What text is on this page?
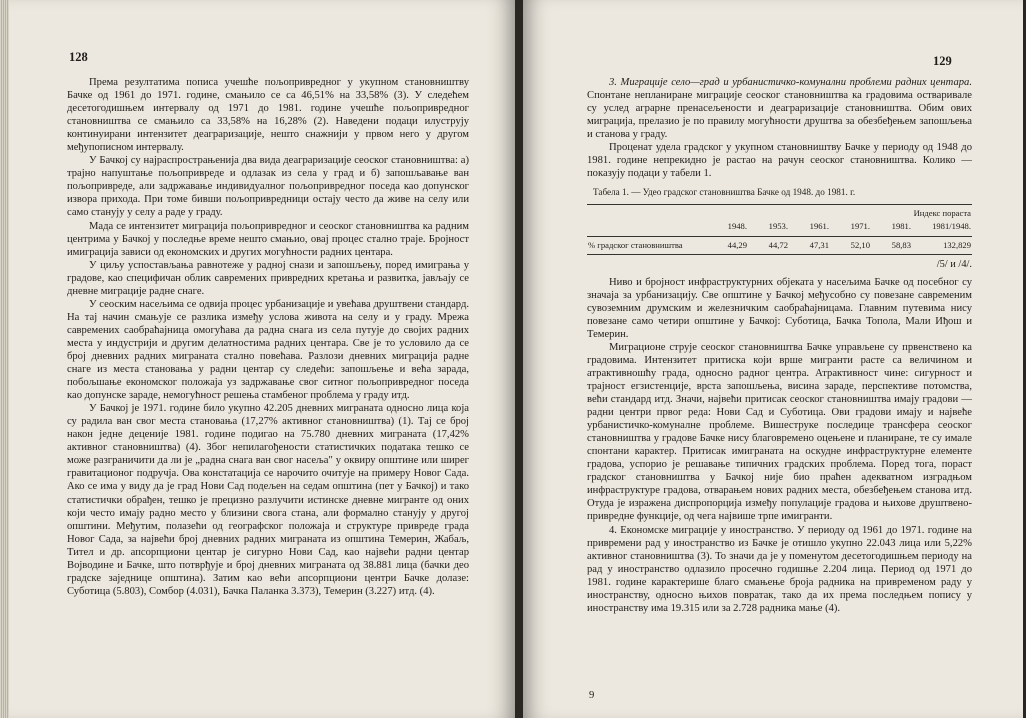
128

Према резултатима пописа учешће пољопривредног у укупном становништву Бачке од 1961 до 1971. године, смањило се са 46,51% на 33,58% (3). У следећем десетогодишњем интервалу од 1971 до 1981. године учешће пољопривредног становништва се смањило са 33,58% на 16,28% (2). Наведени подаци илуструју континуирани интензитет деаграризације, нешто снажнији у првом него у другом међупописном интервалу.

У Бачкој су најраспрострањенија два вида деаграризације сеоског становништва: а) трајно напуштање пољопривреде и одлазак из села у град и б) запошљавање ван пољопривреде, али задржавање индивидуалног пољопривредног поседа као допунског извора прихода. При томе бивши пољопривредници остају често да живе на селу или само станују у селу а раде у граду.

Мада се интензитет миграција пољопривредног и сеоског становништва ка радним центрима у Бачкој у последње време нешто смањио, овај процес стално траје. Бројност имиграција зависи од економских и других могућности радних центара.

У циљу успостављања равнотеже у радној снази и запошљењу, поред имиграња у градове, као специфичан облик савремених привредних кретања и развитка, јављају се дневне миграције радне снаге.

У сеоским насељима се одвија процес урбанизације и увећава друштвени стандард. На тај начин смањује се разлика између услова живота на селу и у граду. Мрежа савремених саобраћајница омогућава да радна снага из села путује до својих радних места у индустрији и другим делатностима радних центара. Све је то условило да се број дневних радних миграната стално повећава. Разлози дневних миграција радне снаге из места становања у радни центар су следећи: запошљење и већа зарада, побољшање економског положаја уз задржавање свог ситног пољопривредног поседа као допунске зараде, немогућност решења стамбеног проблема у граду итд.

У Бачкој је 1971. године било укупно 42.205 дневних миграната односно лица која су радила ван свог места становања (17,27% активног становништва) (1). Тај се број након једне деценије 1981. године подигао на 75.780 дневних миграната (17,42% активног становништва) (4). Због непилагођености статистичких података тешко се може разграничити да ли је „радна снага ван свог насеља" у оквиру општине или ширег гравитационог подручја. Ова констатација се нарочито очитује на примеру Новог Сада. Ако се има у виду да је град Нови Сад подељен на седам општина (пет у Бачкој) и тако статистички обрађен, тешко је прецизно разлучити истинске дневне мигранте од оних који често имају радно место у близини свога стана, али формално станују у другој општини. Међутим, полазећи од географског положаја и структуре привреде града Новог Сада, за највећи број дневних радних миграната из општина Темерин, Жабаљ, Тител и др. апсорпциони центар је сигурно Нови Сад, као највећи радни центар Војводине и Бачке, што потврђује и број дневних миграната од 38.881 лица (бачки део градске заједнице општина). Затим као већи апсорпциони центри Бачке долазе: Суботица (5.803), Сомбор (4.031), Бачка Паланка 3.373), Темерин (3.227) итд. (4).

129

3. Миграције село—град и урбанистичко-комунални проблеми радних центара. Спонтане непланиране миграције сеоског становништва ка градовима остваривале су услед аграрне пренасељености и деаграризације становништва. Обим ових миграција, прелазио је по правилу могућности друштва за обезбеђењем запошљења и станова у граду.

Проценат удела градског у укупном становништву Бачке у периоду од 1948 до 1981. године непрекидно је растао на рачун сеоског становништва. Колико — показују подаци у табели 1.

Табела 1. — Удео градског становништва Бачке од 1948. до 1981. г.
	1948.	1953.	1961.	1971.	1981.	Индекс пораста 1981/1948.
% градског становништва	44,29	44,72	47,31	52,10	58,83	132,829
/5/ и /4/.

Ниво и бројност инфраструктурних објеката у насељима Бачке од посебног су значаја за урбанизацију. Све општине у Бачкој међусобно су повезане савременим сувоземним друмским и железничким саобраћајницама. Главним путевима нису повезане само четири општине у Бачкој: Суботица, Бачка Топола, Мали Иђош и Темерин.

Миграционе струје сеоског становништва Бачке управљене су првенствено ка градовима. Интензитет притиска који врше мигранти расте са величином и атрактивношћу града, односно радног центра. Атрактивност чине: сигурност и трајност егзистенције, врста запошљења, висина зараде, перспективе потомства, већи стандард итд. Значи, највећи притисак сеоског становништва имају градови — радни центри првог реда: Нови Сад и Суботица. Ови градови имају и највеће урбанистичко-комуналне проблеме. Вишеструке последице трансфера сеоског становништва у градове Бачке нису благовремено оцењене и планиране, те су имале спонтани карактер. Притисак имиграната на оскудне инфраструктурне елементе градова, успорио је решавање типичних градских проблема. Поред тога, пораст градског становништва у Бачкој није био праћен адекватном изградњом инфраструктуре градова, отварањем нових радних места, обезбеђењем станова итд. Отуда је изражена диспропорција између популације градова и њихове друштвено-привредне функције, од чега највише трпе имигранти.

4. Економске миграције у иностранство. У периоду од 1961 до 1971. године на привремени рад у иностранство из Бачке је отишло укупно 22.043 лица или 5,22% активног становништва (3). То значи да је у поменутом десетогодишњем периоду на рад у иностранство одлазило просечно годишње 2.204 лица. Период од 1971 до 1981. године карактерише благо смањење броја радника на привременом раду у иностранству, односно њихов повратак, тако да их према последњем попису у иностранству има 19.315 или за 2.728 радника мање (4).

9
